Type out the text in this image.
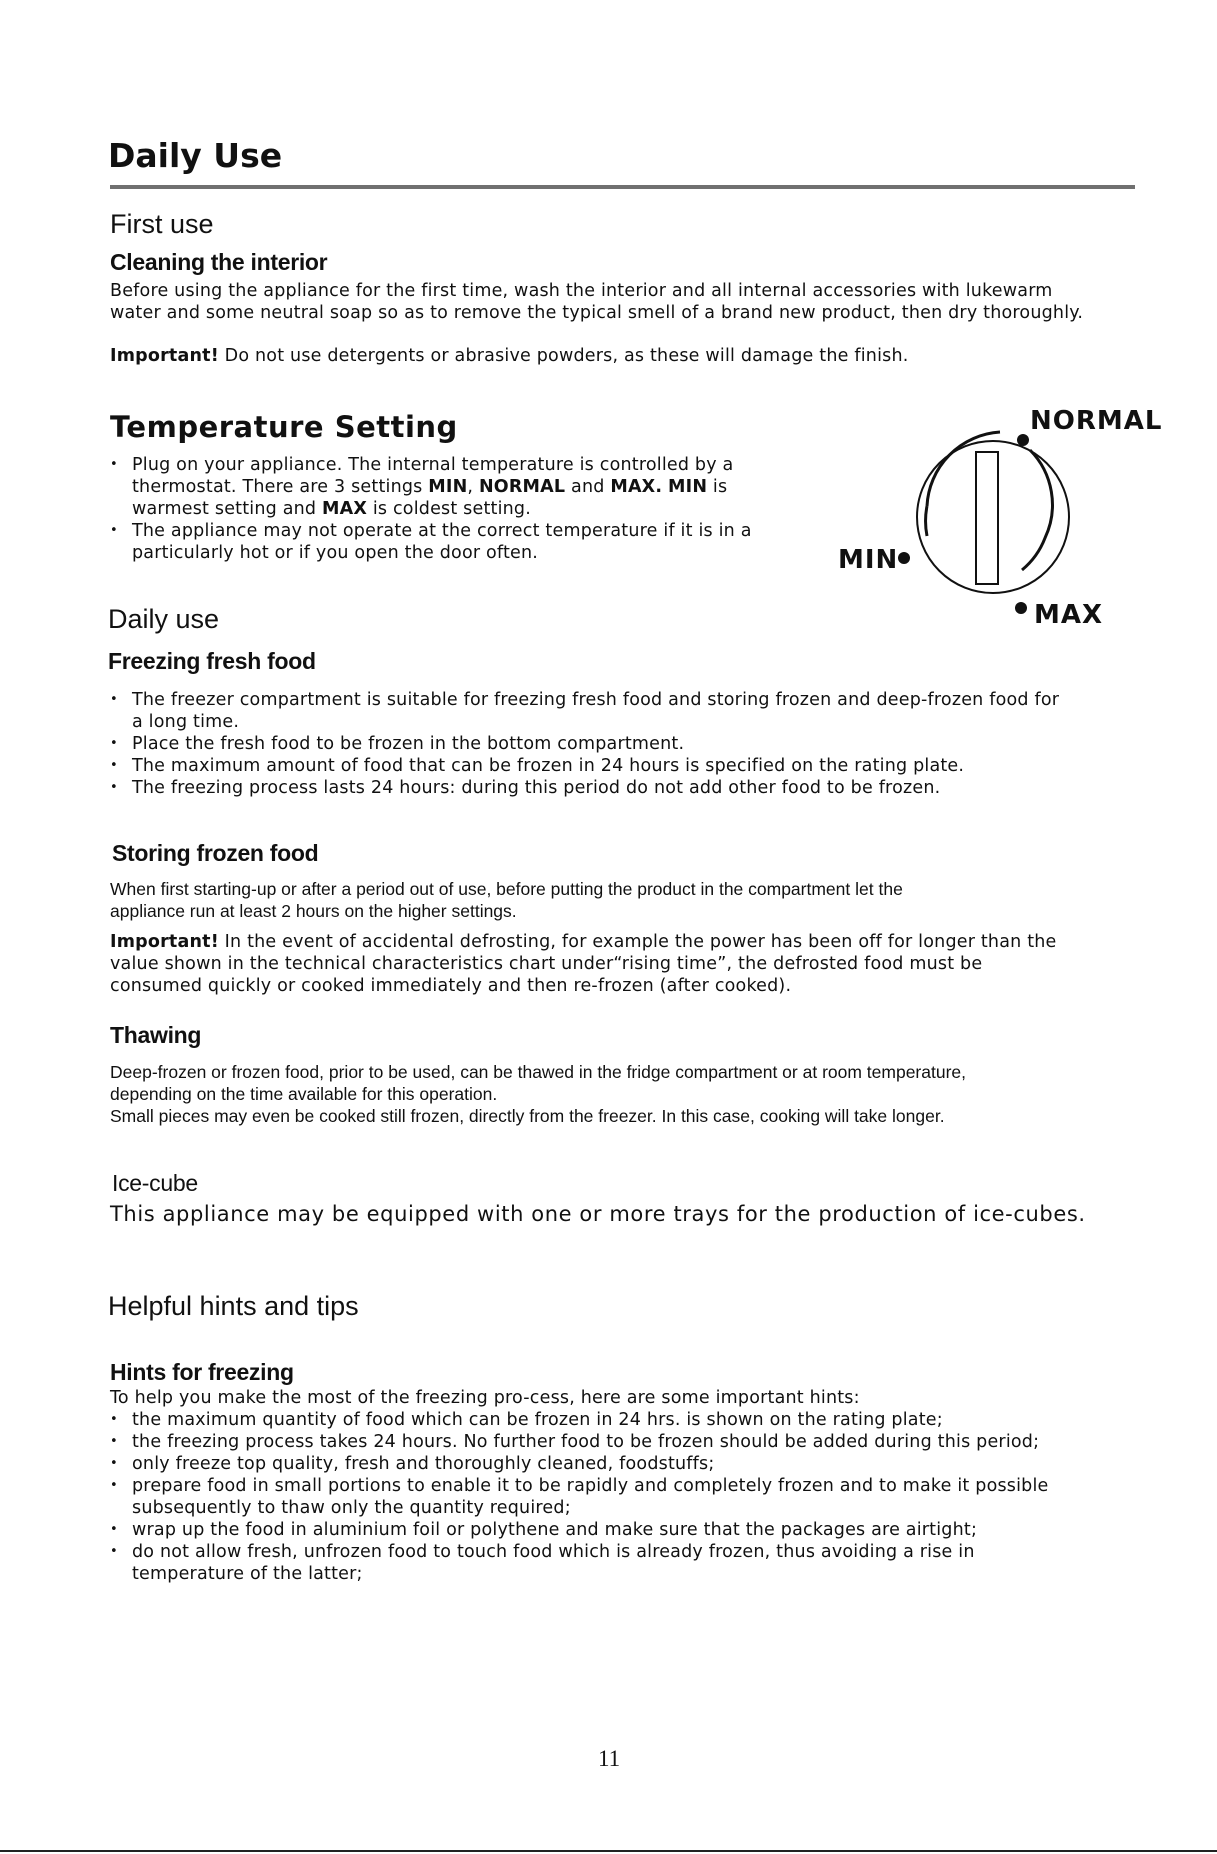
Daily Use
First use
Cleaning the interior
Before using the appliance for the first time, wash the interior and all internal accessories with lukewarm
water and some neutral soap so as to remove the typical smell of a brand new product, then dry thoroughly.
Important! Do not use detergents or abrasive powders, as these will damage the finish.
Temperature Setting
• Plug on your appliance. The internal temperature is controlled by a
thermostat. There are 3 settings MIN, NORMAL and MAX. MIN is
warmest setting and MAX is coldest setting.
• The appliance may not operate at the correct temperature if it is in a
particularly hot or if you open the door often.
NORMAL
MIN
MAX
Daily use
Freezing fresh food
• The freezer compartment is suitable for freezing fresh food and storing frozen and deep-frozen food for
a long time.
• Place the fresh food to be frozen in the bottom compartment.
• The maximum amount of food that can be frozen in 24 hours is specified on the rating plate.
• The freezing process lasts 24 hours: during this period do not add other food to be frozen.
Storing frozen food
When first starting-up or after a period out of use, before putting the product in the compartment let the
appliance run at least 2 hours on the higher settings.
Important! In the event of accidental defrosting, for example the power has been off for longer than the
value shown in the technical characteristics chart under“rising time”, the defrosted food must be
consumed quickly or cooked immediately and then re-frozen (after cooked).
Thawing
Deep-frozen or frozen food, prior to be used, can be thawed in the fridge compartment or at room temperature,
depending on the time available for this operation.
Small pieces may even be cooked still frozen, directly from the freezer. In this case, cooking will take longer.
Ice-cube
This appliance may be equipped with one or more trays for the production of ice-cubes.
Helpful hints and tips
Hints for freezing
To help you make the most of the freezing pro-cess, here are some important hints:
• the maximum quantity of food which can be frozen in 24 hrs. is shown on the rating plate;
• the freezing process takes 24 hours. No further food to be frozen should be added during this period;
• only freeze top quality, fresh and thoroughly cleaned, foodstuffs;
• prepare food in small portions to enable it to be rapidly and completely frozen and to make it possible
subsequently to thaw only the quantity required;
• wrap up the food in aluminium foil or polythene and make sure that the packages are airtight;
• do not allow fresh, unfrozen food to touch food which is already frozen, thus avoiding a rise in
temperature of the latter;
11
